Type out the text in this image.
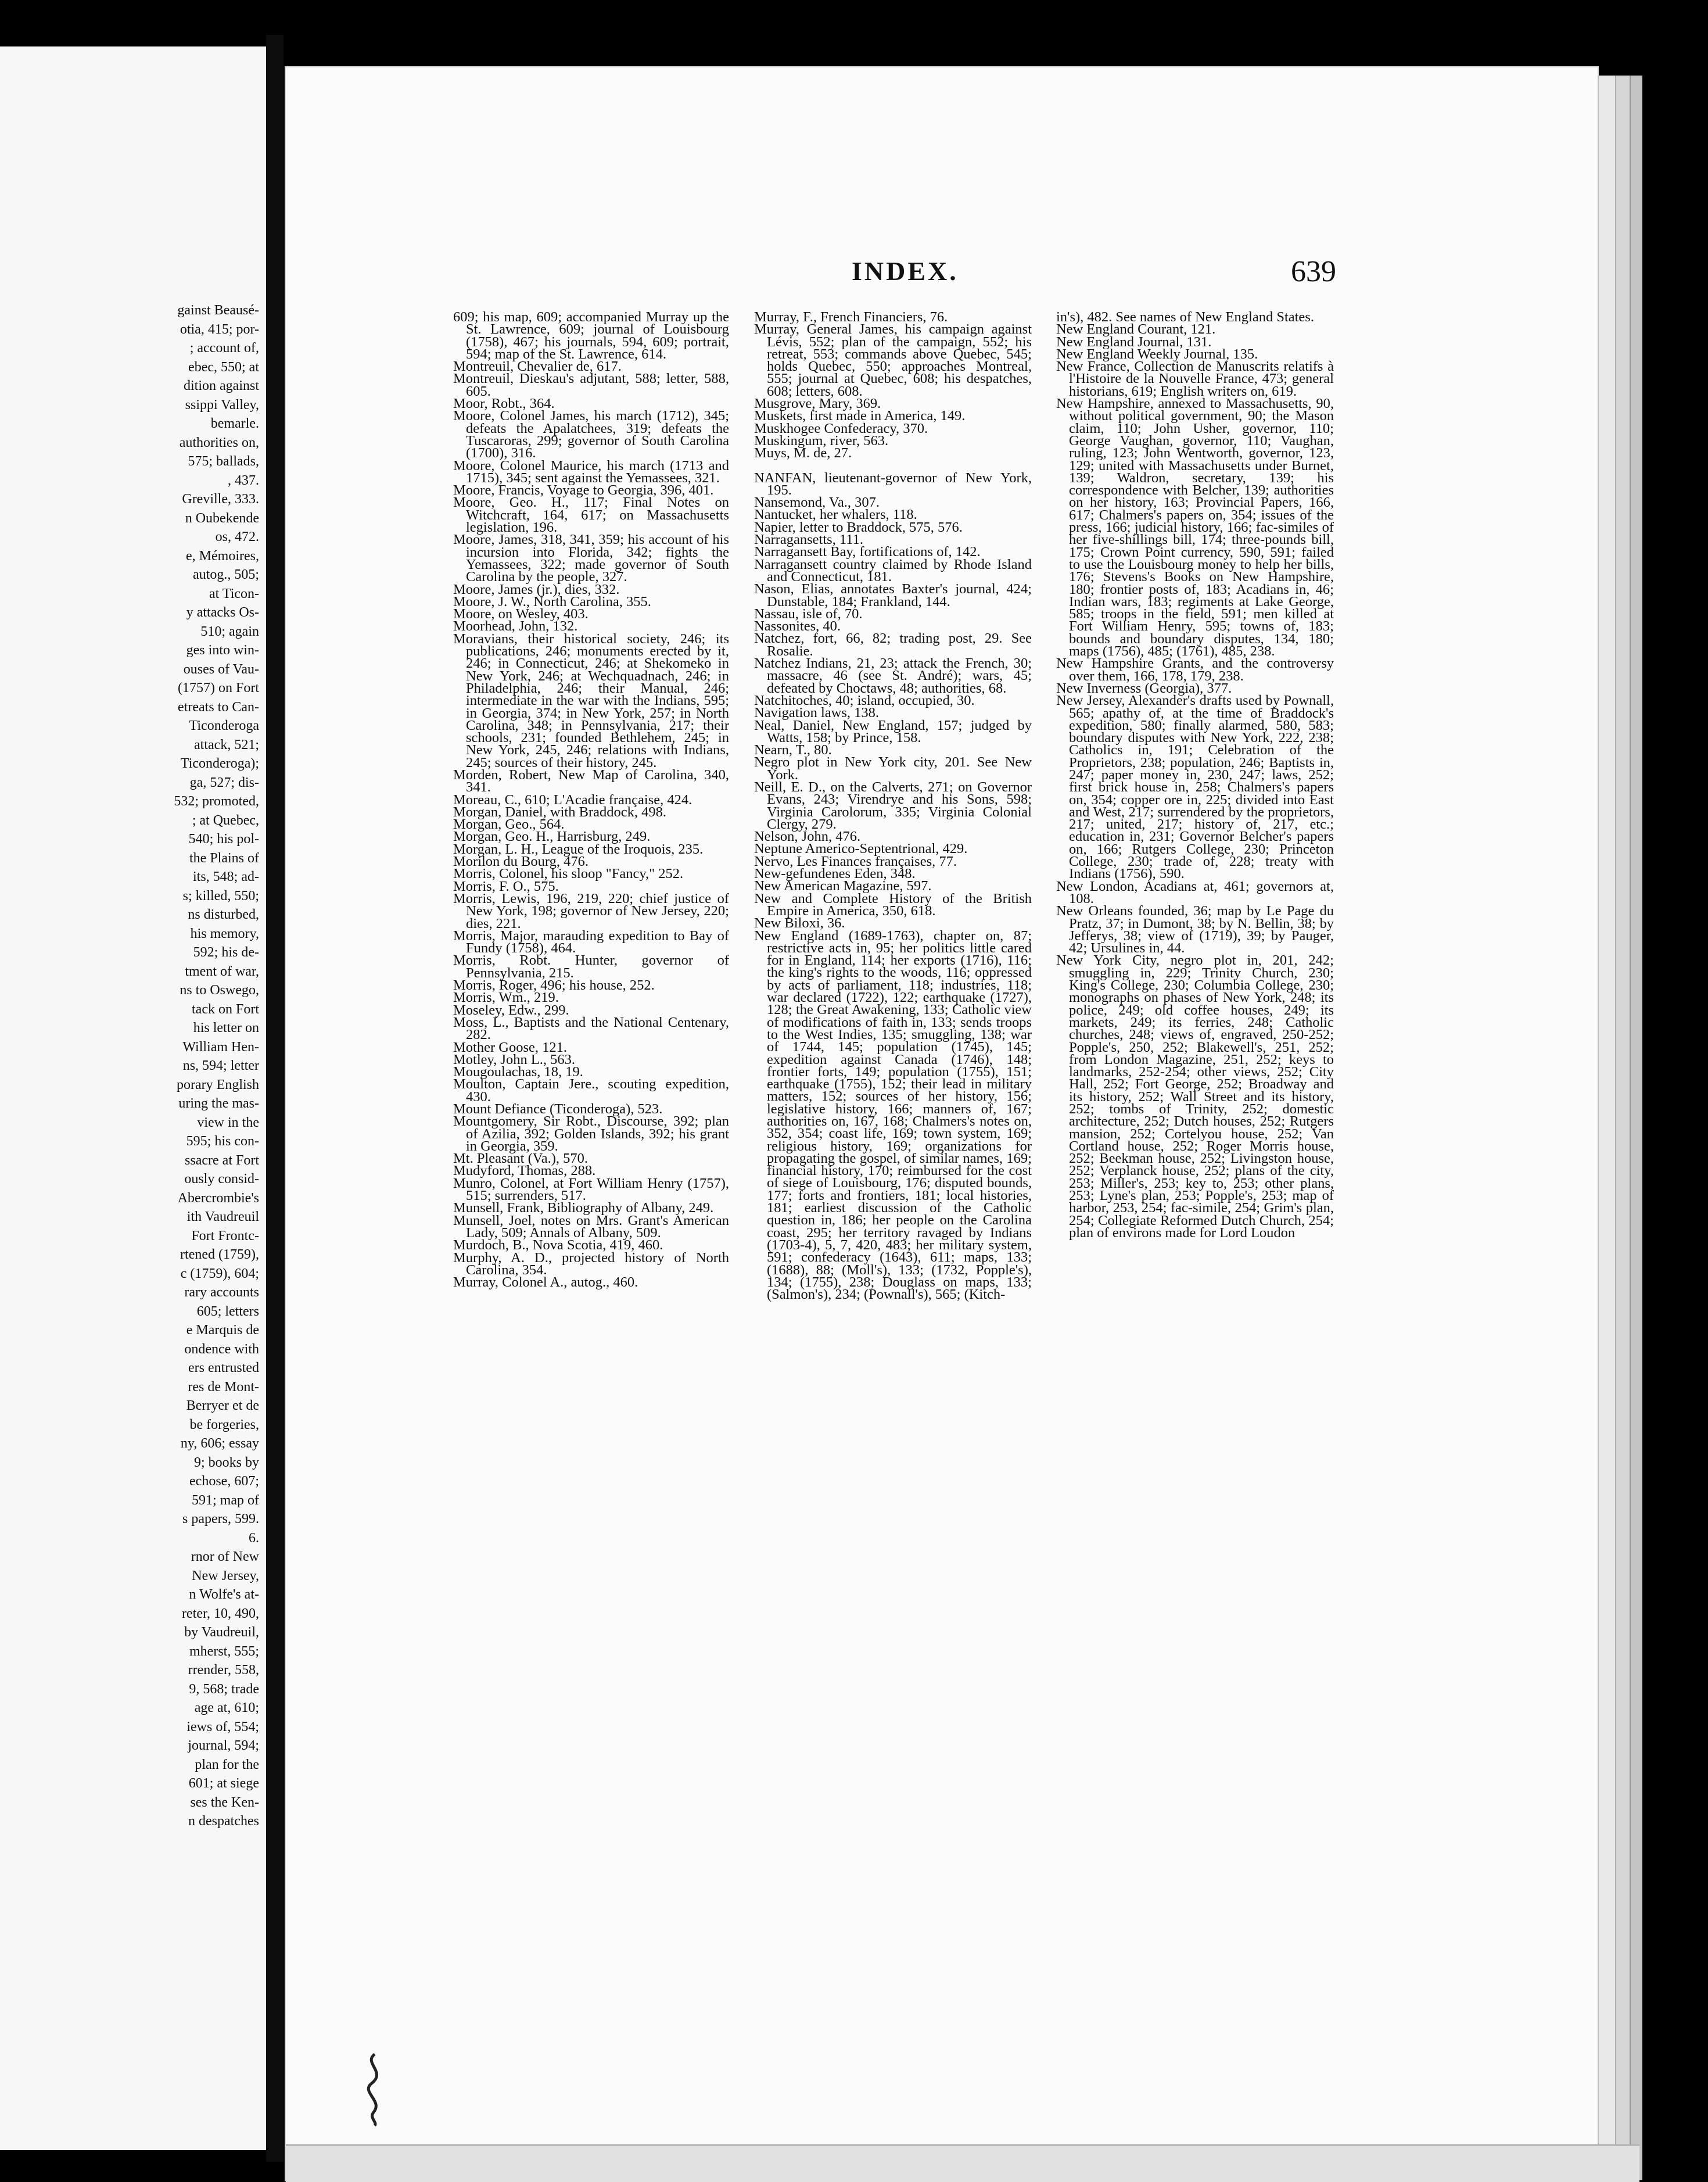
gainst Beausé-
otia, 415; por-
; account of,
ebec, 550; at
dition against
ssippi Valley,
bemarle.
authorities on,
575; ballads,
, 437.
Greville, 333.
n Oubekende
os, 472.
e, Mémoires,
autog., 505;
at Ticon-
y attacks Os-
510; again
ges into win-
ouses of Vau-
(1757) on Fort
etreats to Can-
Ticonderoga
attack, 521;
Ticonderoga);
ga, 527; dis-
532; promoted,
; at Quebec,
540; his pol-
the Plains of
its, 548; ad-
s; killed, 550;
ns disturbed,
his memory,
592; his de-
tment of war,
ns to Oswego,
tack on Fort
his letter on
William Hen-
ns, 594; letter
porary English
uring the mas-
view in the
595; his con-
ssacre at Fort
ously consid-
Abercrombie's
ith Vaudreuil
Fort Frontc-
rtened (1759),
c (1759), 604;
rary accounts
605; letters
e Marquis de
ondence with
ers entrusted
res de Mont-
Berryer et de
be forgeries,
ny, 606; essay
9; books by
echose, 607;
591; map of
s papers, 599.
6.
rnor of New
New Jersey,
n Wolfe's at-
reter, 10, 490,
by Vaudreuil,
mherst, 555;
rrender, 558,
9, 568; trade
age at, 610;
iews of, 554;
journal, 594;
plan for the
601; at siege
ses the Ken-
n despatches
INDEX.	639

609; his map, 609; accompanied Murray up the St. Lawrence, 609; journal of Louisbourg (1758), 467; his journals, 594, 609; portrait, 594; map of the St. Lawrence, 614.

Montreuil, Chevalier de, 617.

Montreuil, Dieskau's adjutant, 588; letter, 588, 605.

Moor, Robt., 364.

Moore, Colonel James, his march (1712), 345; defeats the Apalatchees, 319; defeats the Tuscaroras, 299; governor of South Carolina (1700), 316.

Moore, Colonel Maurice, his march (1713 and 1715), 345; sent against the Yemassees, 321.

Moore, Francis, Voyage to Georgia, 396, 401.

Moore, Geo. H., 117; Final Notes on Witchcraft, 164, 617; on Massachusetts legislation, 196.

Moore, James, 318, 341, 359; his account of his incursion into Florida, 342; fights the Yemassees, 322; made governor of South Carolina by the people, 327.

Moore, James (jr.), dies, 332.

Moore, J. W., North Carolina, 355.

Moore, on Wesley, 403.

Moorhead, John, 132.

Moravians, their historical society, 246; its publications, 246; monuments erected by it, 246; in Connecticut, 246; at Shekomeko in New York, 246; at Wechquadnach, 246; in Philadelphia, 246; their Manual, 246; intermediate in the war with the Indians, 595; in Georgia, 374; in New York, 257; in North Carolina, 348; in Pennsylvania, 217; their schools, 231; founded Bethlehem, 245; in New York, 245, 246; relations with Indians, 245; sources of their history, 245.

Morden, Robert, New Map of Carolina, 340, 341.

Moreau, C., 610; L'Acadie française, 424.

Morgan, Daniel, with Braddock, 498.

Morgan, Geo., 564.

Morgan, Geo. H., Harrisburg, 249.

Morgan, L. H., League of the Iroquois, 235.

Morilon du Bourg, 476.

Morris, Colonel, his sloop "Fancy," 252.

Morris, F. O., 575.

Morris, Lewis, 196, 219, 220; chief justice of New York, 198; governor of New Jersey, 220; dies, 221.

Morris, Major, marauding expedition to Bay of Fundy (1758), 464.

Morris, Robt. Hunter, governor of Pennsylvania, 215.

Morris, Roger, 496; his house, 252.

Morris, Wm., 219.

Moseley, Edw., 299.

Moss, L., Baptists and the National Centenary, 282.

Mother Goose, 121.

Motley, John L., 563.

Mougoulachas, 18, 19.

Moulton, Captain Jere., scouting expedition, 430.

Mount Defiance (Ticonderoga), 523.

Mountgomery, Sir Robt., Discourse, 392; plan of Azilia, 392; Golden Islands, 392; his grant in Georgia, 359.

Mt. Pleasant (Va.), 570.

Mudyford, Thomas, 288.

Munro, Colonel, at Fort William Henry (1757), 515; surrenders, 517.

Munsell, Frank, Bibliography of Albany, 249.

Munsell, Joel, notes on Mrs. Grant's American Lady, 509; Annals of Albany, 509.

Murdoch, B., Nova Scotia, 419, 460.

Murphy, A. D., projected history of North Carolina, 354.

Murray, Colonel A., autog., 460.

Murray, F., French Financiers, 76.

Murray, General James, his campaign against Lévis, 552; plan of the campaign, 552; his retreat, 553; commands above Quebec, 545; holds Quebec, 550; approaches Montreal, 555; journal at Quebec, 608; his despatches, 608; letters, 608.

Musgrove, Mary, 369.

Muskets, first made in America, 149.

Muskhogee Confederacy, 370.

Muskingum, river, 563.

Muys, M. de, 27.

NANFAN, lieutenant-governor of New York, 195.

Nansemond, Va., 307.

Nantucket, her whalers, 118.

Napier, letter to Braddock, 575, 576.

Narragansetts, 111.

Narragansett Bay, fortifications of, 142.

Narragansett country claimed by Rhode Island and Connecticut, 181.

Nason, Elias, annotates Baxter's journal, 424; Dunstable, 184; Frankland, 144.

Nassau, isle of, 70.

Nassonites, 40.

Natchez, fort, 66, 82; trading post, 29. See Rosalie.

Natchez Indians, 21, 23; attack the French, 30; massacre, 46 (see St. André); wars, 45; defeated by Choctaws, 48; authorities, 68.

Natchitoches, 40; island, occupied, 30.

Navigation laws, 138.

Neal, Daniel, New England, 157; judged by Watts, 158; by Prince, 158.

Nearn, T., 80.

Negro plot in New York city, 201. See New York.

Neill, E. D., on the Calverts, 271; on Governor Evans, 243; Virendrye and his Sons, 598; Virginia Carolorum, 335; Virginia Colonial Clergy, 279.

Nelson, John, 476.

Neptune Americo-Septentrional, 429.

Nervo, Les Finances françaises, 77.

New-gefundenes Eden, 348.

New American Magazine, 597.

New and Complete History of the British Empire in America, 350, 618.

New Biloxi, 36.

New England (1689-1763), chapter on, 87; restrictive acts in, 95; her politics little cared for in England, 114; her exports (1716), 116; the king's rights to the woods, 116; oppressed by acts of parliament, 118; industries, 118; war declared (1722), 122; earthquake (1727), 128; the Great Awakening, 133; Catholic view of modifications of faith in, 133; sends troops to the West Indies, 135; smuggling, 138; war of 1744, 145; population (1745), 145; expedition against Canada (1746), 148; frontier forts, 149; population (1755), 151; earthquake (1755), 152; their lead in military matters, 152; sources of her history, 156; legislative history, 166; manners of, 167; authorities on, 167, 168; Chalmers's notes on, 352, 354; coast life, 169; town system, 169; religious history, 169; organizations for propagating the gospel, of similar names, 169; financial history, 170; reimbursed for the cost of siege of Louisbourg, 176; disputed bounds, 177; forts and frontiers, 181; local histories, 181; earliest discussion of the Catholic question in, 186; her people on the Carolina coast, 295; her territory ravaged by Indians (1703-4), 5, 7, 420, 483; her military system, 591; confederacy (1643), 611; maps, 133; (1688), 88; (Moll's), 133; (1732, Popple's), 134; (1755), 238; Douglass on maps, 133; (Salmon's), 234; (Pownall's), 565; (Kitch-

in's), 482. See names of New England States.

New England Courant, 121.

New England Journal, 131.

New England Weekly Journal, 135.

New France, Collection de Manuscrits relatifs à l'Histoire de la Nouvelle France, 473; general historians, 619; English writers on, 619.

New Hampshire, annexed to Massachusetts, 90, without political government, 90; the Mason claim, 110; John Usher, governor, 110; George Vaughan, governor, 110; Vaughan, ruling, 123; John Wentworth, governor, 123, 129; united with Massachusetts under Burnet, 139; Waldron, secretary, 139; his correspondence with Belcher, 139; authorities on her history, 163; Provincial Papers, 166, 617; Chalmers's papers on, 354; issues of the press, 166; judicial history, 166; fac-similes of her five-shillings bill, 174; three-pounds bill, 175; Crown Point currency, 590, 591; failed to use the Louisbourg money to help her bills, 176; Stevens's Books on New Hampshire, 180; frontier posts of, 183; Acadians in, 46; Indian wars, 183; regiments at Lake George, 585; troops in the field, 591; men killed at Fort William Henry, 595; towns of, 183; bounds and boundary disputes, 134, 180; maps (1756), 485; (1761), 485, 238.

New Hampshire Grants, and the controversy over them, 166, 178, 179, 238.

New Inverness (Georgia), 377.

New Jersey, Alexander's drafts used by Pownall, 565; apathy of, at the time of Braddock's expedition, 580; finally alarmed, 580, 583; boundary disputes with New York, 222, 238; Catholics in, 191; Celebration of the Proprietors, 238; population, 246; Baptists in, 247; paper money in, 230, 247; laws, 252; first brick house in, 258; Chalmers's papers on, 354; copper ore in, 225; divided into East and West, 217; surrendered by the proprietors, 217; united, 217; history of, 217, etc.; education in, 231; Governor Belcher's papers on, 166; Rutgers College, 230; Princeton College, 230; trade of, 228; treaty with Indians (1756), 590.

New London, Acadians at, 461; governors at, 108.

New Orleans founded, 36; map by Le Page du Pratz, 37; in Dumont, 38; by N. Bellin, 38; by Jefferys, 38; view of (1719), 39; by Pauger, 42; Ursulines in, 44.

New York City, negro plot in, 201, 242; smuggling in, 229; Trinity Church, 230; King's College, 230; Columbia College, 230; monographs on phases of New York, 248; its police, 249; old coffee houses, 249; its markets, 249; its ferries, 248; Catholic churches, 248; views of, engraved, 250-252; Popple's, 250, 252; Blakewell's, 251, 252; from London Magazine, 251, 252; keys to landmarks, 252-254; other views, 252; City Hall, 252; Fort George, 252; Broadway and its history, 252; Wall Street and its history, 252; tombs of Trinity, 252; domestic architecture, 252; Dutch houses, 252; Rutgers mansion, 252; Cortelyou house, 252; Van Cortland house, 252; Roger Morris house, 252; Beekman house, 252; Livingston house, 252; Verplanck house, 252; plans of the city, 253; Miller's, 253; key to, 253; other plans, 253; Lyne's plan, 253; Popple's, 253; map of harbor, 253, 254; fac-simile, 254; Grim's plan, 254; Collegiate Reformed Dutch Church, 254; plan of environs made for Lord Loudon
